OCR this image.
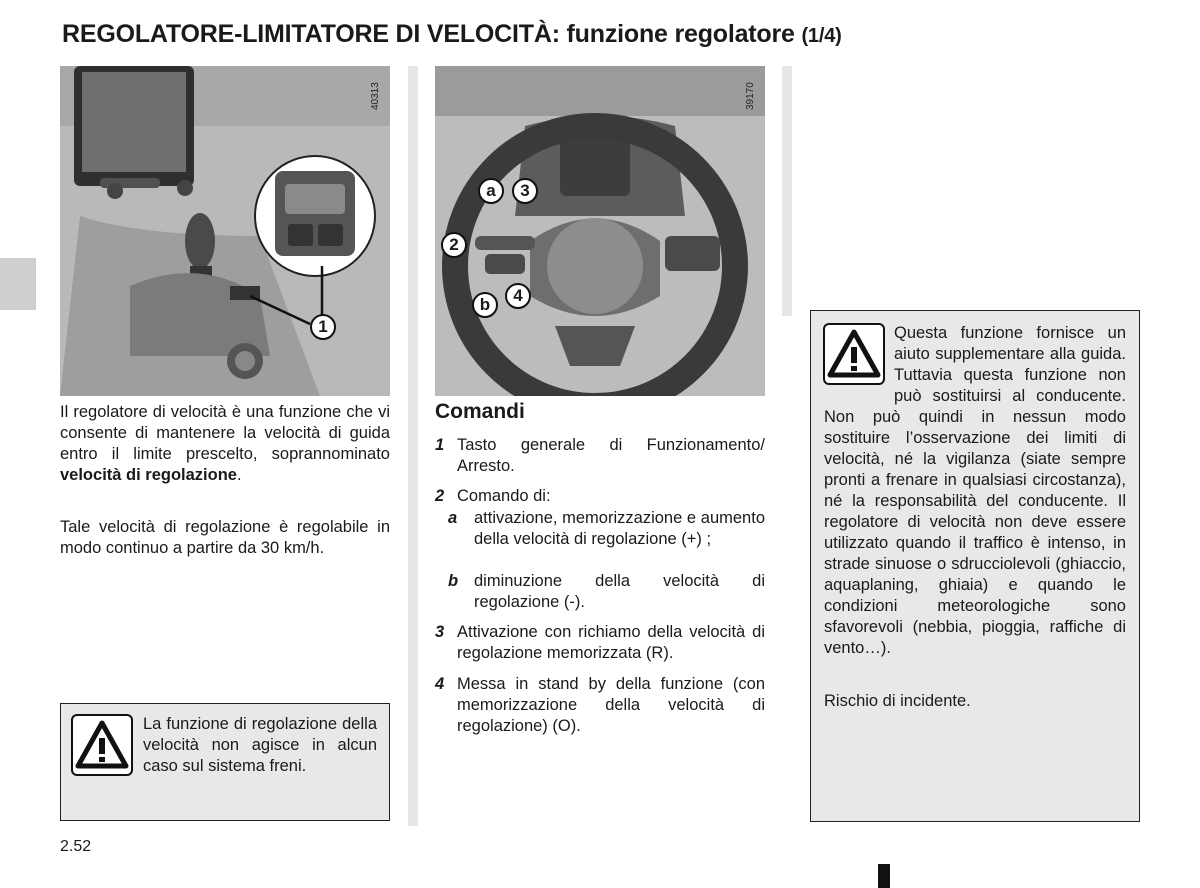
REGOLATORE-LIMITATORE DI VELOCITÀ: funzione regolatore (1/4)
1
40313
a	3
2
b	4
39170
Il regolatore di velocità è una funzione che vi consente di mantenere la velocità di guida entro il limite prescelto, soprannominato velocità di regolazione.
Tale velocità di regolazione è regolabile in modo continuo a partire da 30 km/h.
La funzione di regolazione della velocità non agisce in alcun caso sul sistema freni.
Comandi
1 Tasto generale di Funzionamento/ Arresto.
2 Comando di:
a attivazione, memorizzazione e aumento della velocità di regolazione (+) ;
b diminuzione della velocità di regolazione (-).
3 Attivazione con richiamo della velocità di regolazione memorizzata (R).
4 Messa in stand by della funzione (con memorizzazione della velocità di regolazione) (O).
Questa funzione fornisce un aiuto supplementare alla guida. Tuttavia questa funzione non può sostituirsi al conducente. Non può quindi in nessun modo sostituire l’osservazione dei limiti di velocità, né la vigilanza (siate sempre pronti a frenare in qualsiasi circostanza), né la responsabilità del conducente. Il regolatore di velocità non deve essere utilizzato quando il traffico è intenso, in strade sinuose o sdrucciolevoli (ghiaccio, aquaplaning, ghiaia) e quando le condizioni meteorologiche sono sfavorevoli (nebbia, pioggia, raffiche di vento…).
Rischio di incidente.
2.52
